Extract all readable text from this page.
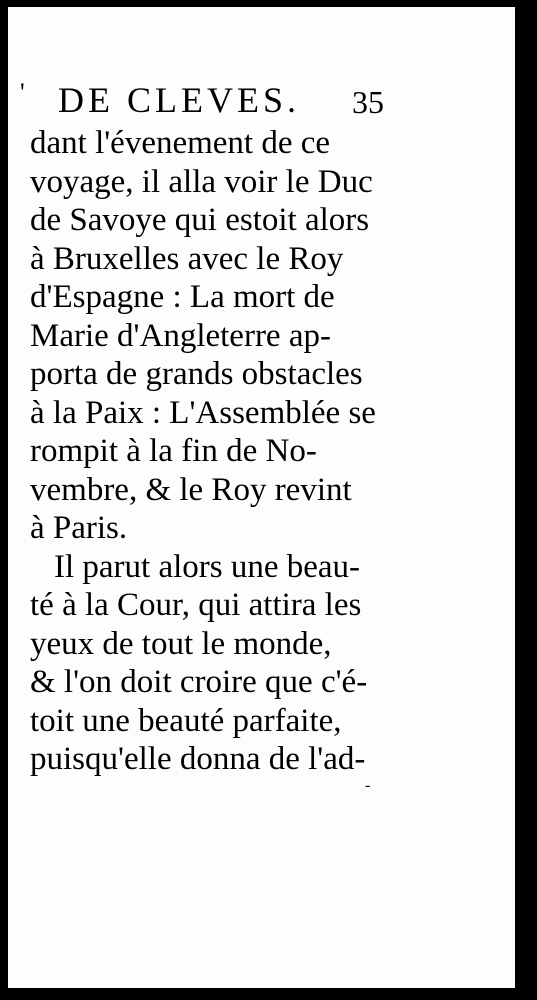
' DE CLEVES. 35
dant l'évenement de ce
voyage, il alla voir le Duc
de Savoye qui estoit alors
à Bruxelles avec le Roy
d'Espagne : La mort de
Marie d'Angleterre ap-
porta de grands obstacles
à la Paix : L'Assemblée se
rompit à la fin de No-
vembre, & le Roy revint
à Paris.
Il parut alors une beau-
té à la Cour, qui attira les
yeux de tout le monde,
& l'on doit croire que c'é-
toit une beauté parfaite,
puisqu'elle donna de l'ad-
-
